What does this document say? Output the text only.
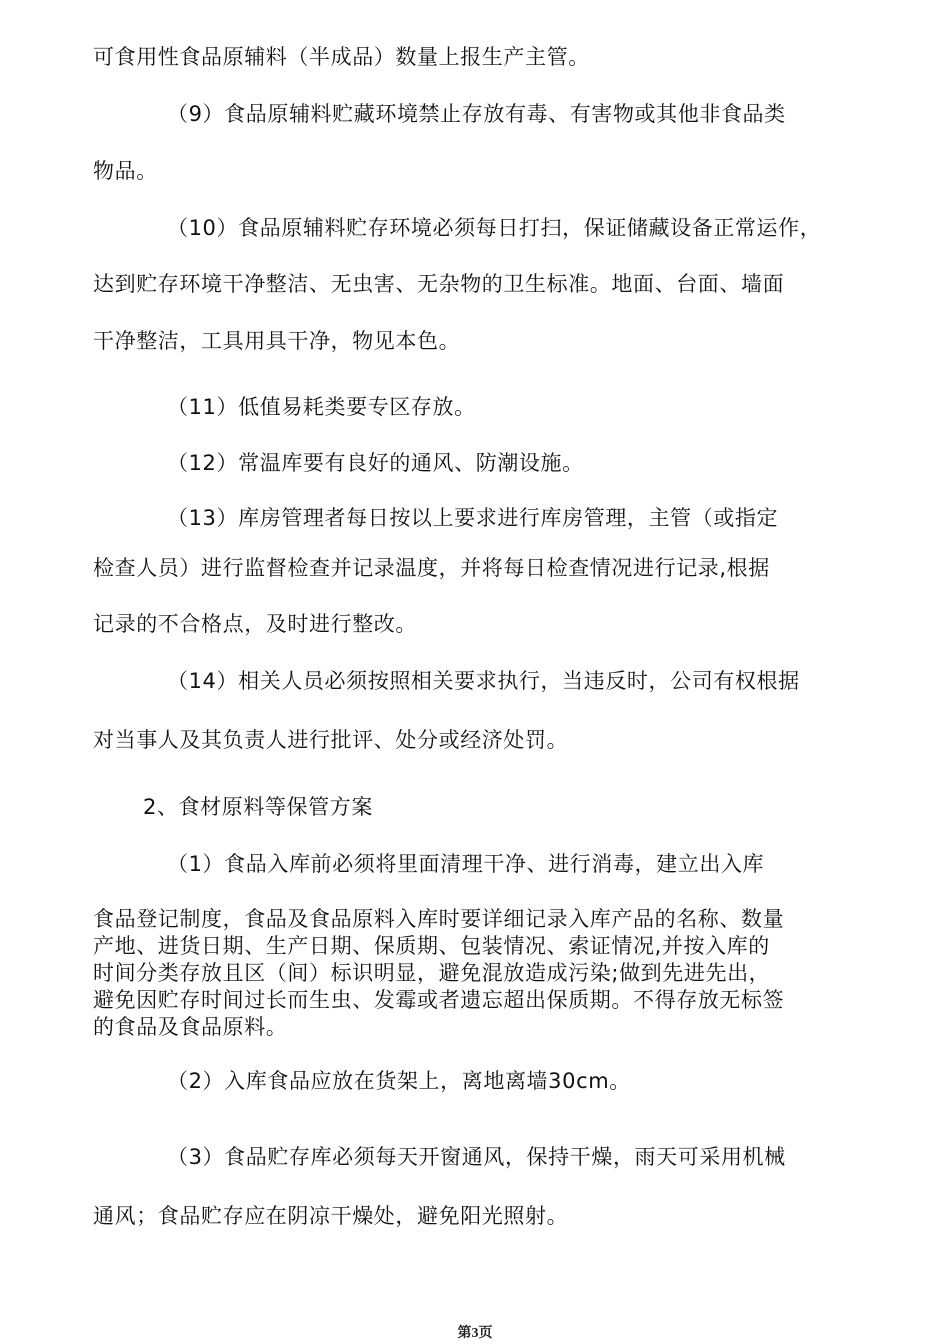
可食用性食品原辅料（半成品）数量上报生产主管。
（9）食品原辅料贮藏环境禁止存放有毒、有害物或其他非食品类
物品。
（10）食品原辅料贮存环境必须每日打扫，保证储藏设备正常运作，
达到贮存环境干净整洁、无虫害、无杂物的卫生标准。地面、台面、墙面
干净整洁，工具用具干净，物见本色。
（11）低值易耗类要专区存放。
（12）常温库要有良好的通风、防潮设施。
（13）库房管理者每日按以上要求进行库房管理，主管（或指定
检查人员）进行监督检查并记录温度，并将每日检查情况进行记录,根据
记录的不合格点，及时进行整改。
（14）相关人员必须按照相关要求执行，当违反时，公司有权根据
对当事人及其负责人进行批评、处分或经济处罚。
2、食材原料等保管方案
（1）食品入库前必须将里面清理干净、进行消毒，建立出入库
食品登记制度，食品及食品原料入库时要详细记录入库产品的名称、数量
产地、进货日期、生产日期、保质期、包装情况、索证情况,并按入库的
时间分类存放且区（间）标识明显，避免混放造成污染;做到先进先出，
避免因贮存时间过长而生虫、发霉或者遗忘超出保质期。不得存放无标签
的食品及食品原料。
（2）入库食品应放在货架上，离地离墙30cm。
（3）食品贮存库必须每天开窗通风，保持干燥，雨天可采用机械
通风；食品贮存应在阴凉干燥处，避免阳光照射。
第3页
